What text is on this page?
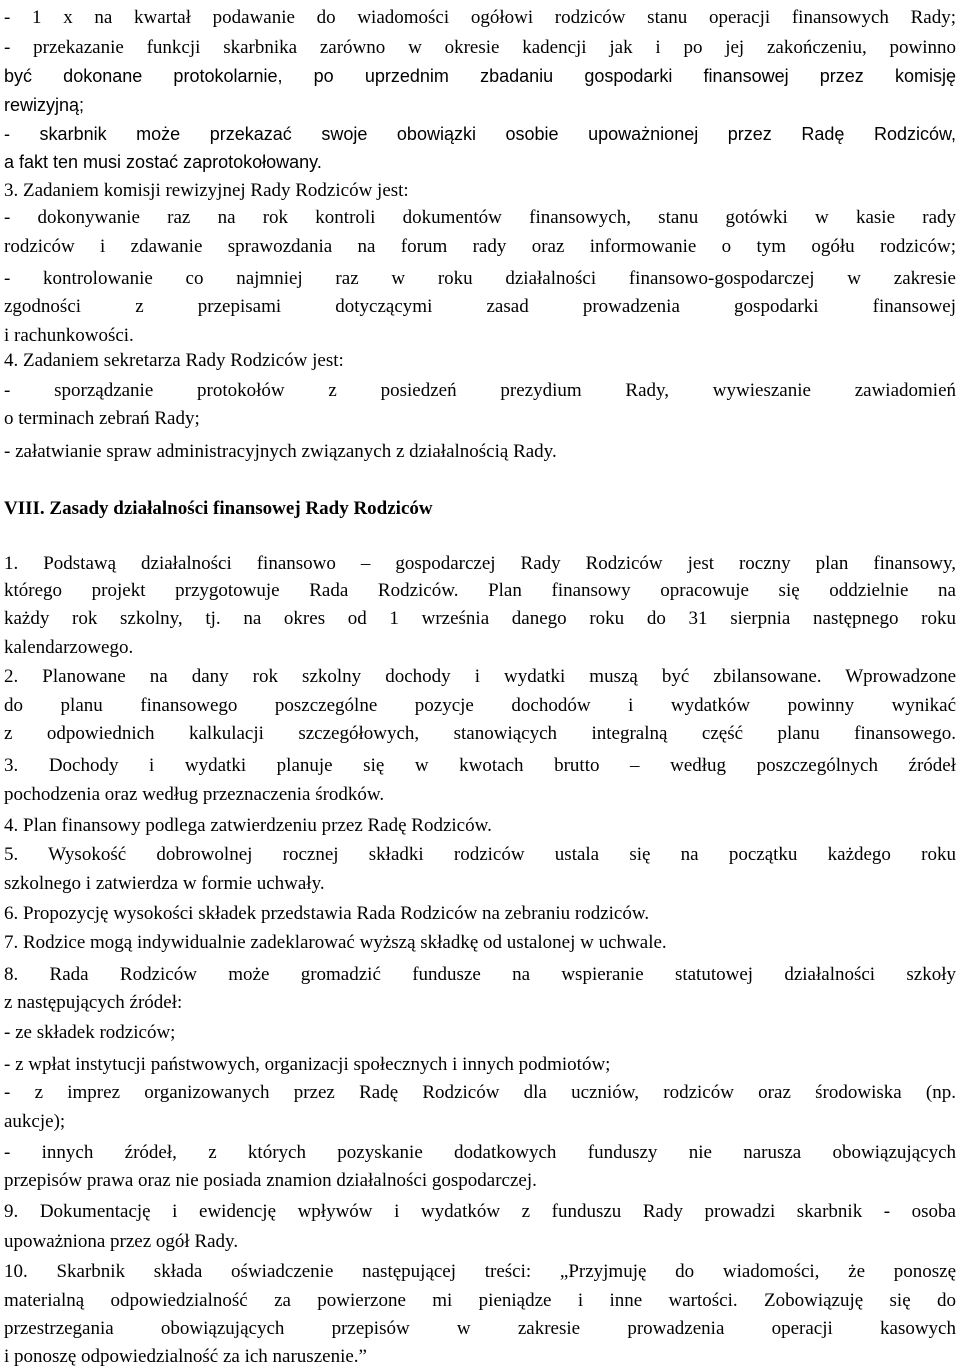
- 1 x na kwartał podawanie do wiadomości ogółowi rodziców stanu operacji finansowych Rady;
- przekazanie funkcji skarbnika zarówno w okresie kadencji jak i po jej zakończeniu, powinno
być dokonane protokolarnie, po uprzednim zbadaniu gospodarki finansowej przez komisję
rewizyjną;
- skarbnik może przekazać swoje obowiązki osobie upoważnionej przez Radę Rodziców,
a fakt ten musi zostać zaprotokołowany.
3. Zadaniem komisji rewizyjnej Rady Rodziców jest:
- dokonywanie raz na rok kontroli dokumentów finansowych, stanu gotówki w kasie rady
rodziców i zdawanie sprawozdania na forum rady oraz informowanie o tym ogółu rodziców;
- kontrolowanie co najmniej raz w roku działalności finansowo-gospodarczej w zakresie
zgodności z przepisami dotyczącymi zasad prowadzenia gospodarki finansowej
i rachunkowości.
4. Zadaniem sekretarza Rady Rodziców jest:
- sporządzanie protokołów z posiedzeń prezydium Rady, wywieszanie zawiadomień
o terminach zebrań Rady;
- załatwianie spraw administracyjnych związanych z działalnością Rady.
VIII. Zasady działalności finansowej Rady Rodziców
1. Podstawą działalności finansowo – gospodarczej Rady Rodziców jest roczny plan finansowy,
którego projekt przygotowuje Rada Rodziców. Plan finansowy opracowuje się oddzielnie na
każdy rok szkolny, tj. na okres od 1 września danego roku do 31 sierpnia następnego roku
kalendarzowego.
2. Planowane na dany rok szkolny dochody i wydatki muszą być zbilansowane. Wprowadzone
do planu finansowego poszczególne pozycje dochodów i wydatków powinny wynikać
z odpowiednich kalkulacji szczegółowych, stanowiących integralną część planu finansowego.
3. Dochody i wydatki planuje się w kwotach brutto – według poszczególnych źródeł
pochodzenia oraz według przeznaczenia środków.
4. Plan finansowy podlega zatwierdzeniu przez Radę Rodziców.
5. Wysokość dobrowolnej rocznej składki rodziców ustala się na początku każdego roku
szkolnego i zatwierdza w formie uchwały.
6. Propozycję wysokości składek przedstawia Rada Rodziców na zebraniu rodziców.
7. Rodzice mogą indywidualnie zadeklarować wyższą składkę od ustalonej w uchwale.
8. Rada Rodziców może gromadzić fundusze na wspieranie statutowej działalności szkoły
z następujących źródeł:
- ze składek rodziców;
- z wpłat instytucji państwowych, organizacji społecznych i innych podmiotów;
- z imprez organizowanych przez Radę Rodziców dla uczniów, rodziców oraz środowiska (np.
aukcje);
- innych źródeł, z których pozyskanie dodatkowych funduszy nie narusza obowiązujących
przepisów prawa oraz nie posiada znamion działalności gospodarczej.
9. Dokumentację i ewidencję wpływów i wydatków z funduszu Rady prowadzi skarbnik - osoba
upoważniona przez ogół Rady.
10. Skarbnik składa oświadczenie następującej treści: „Przyjmuję do wiadomości, że ponoszę
materialną odpowiedzialność za powierzone mi pieniądze i inne wartości. Zobowiązuję się do
przestrzegania obowiązujących przepisów w zakresie prowadzenia operacji kasowych
i ponoszę odpowiedzialność za ich naruszenie.”
